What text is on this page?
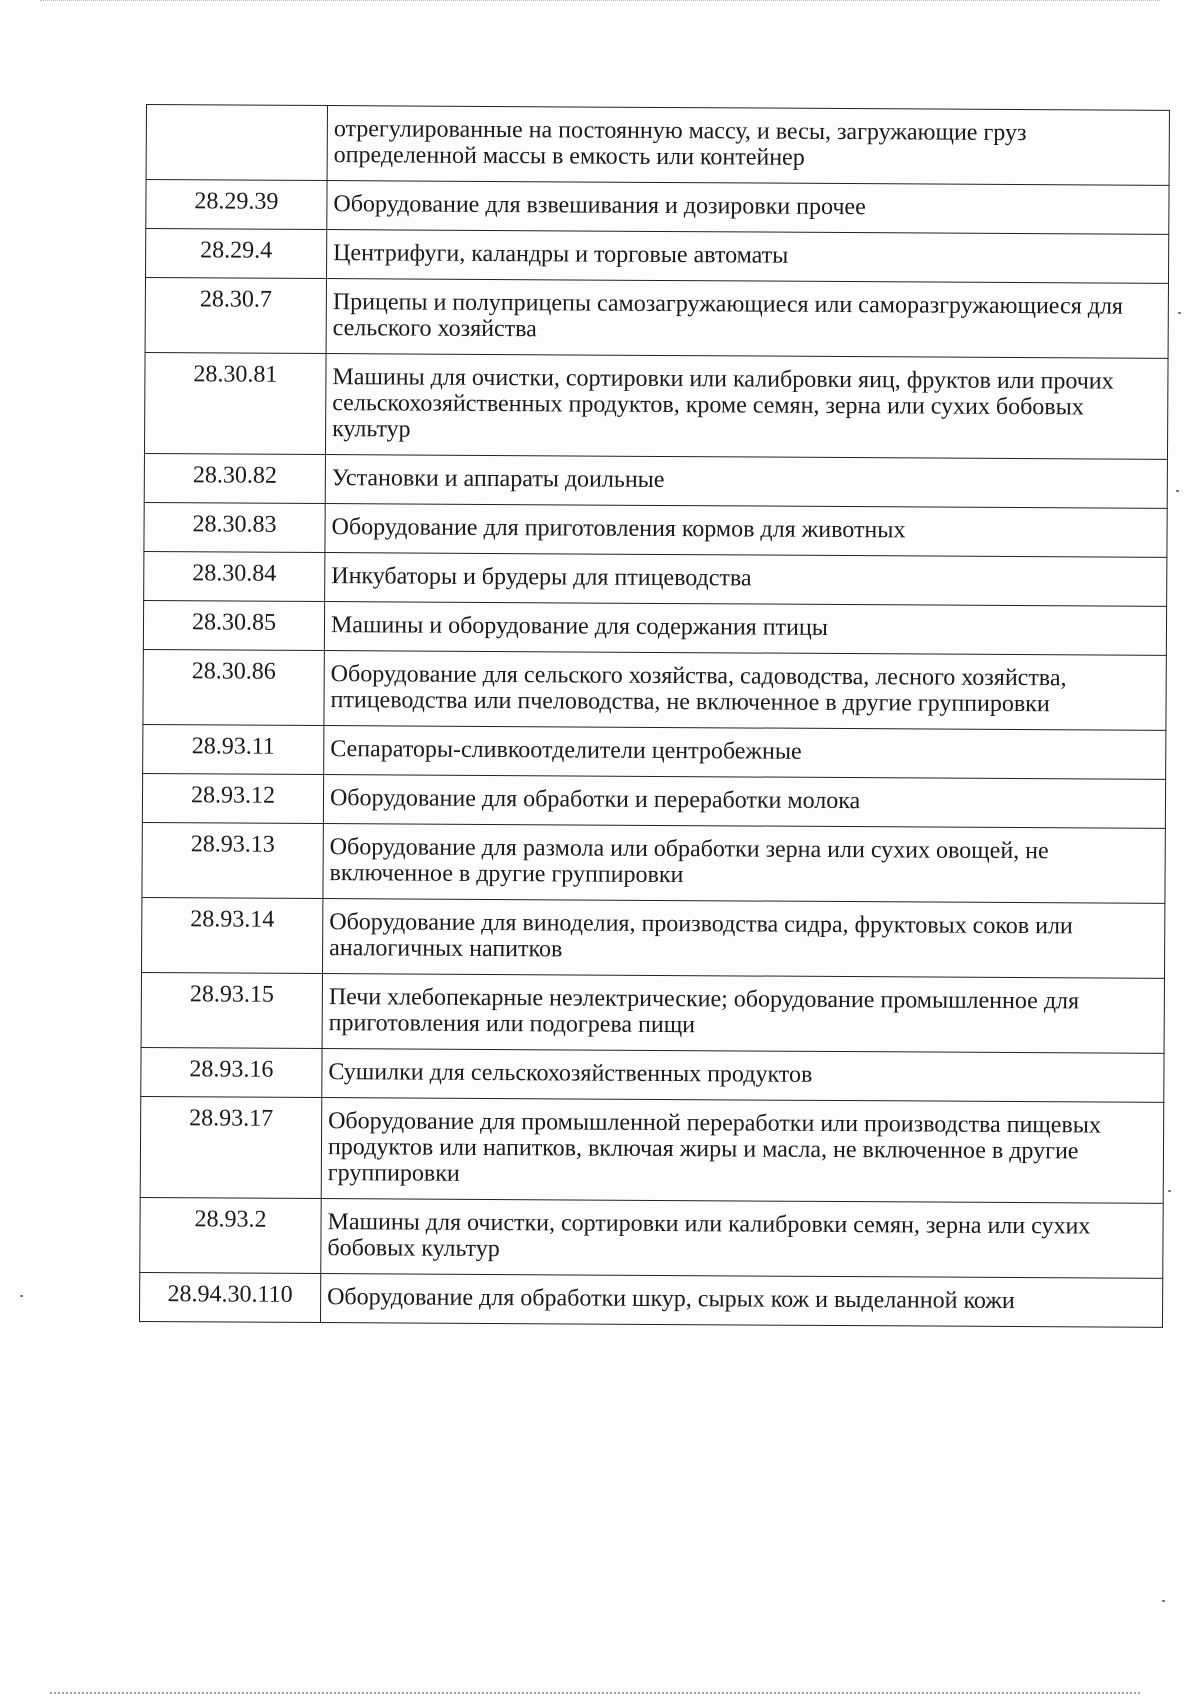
	отрегулированные на постоянную массу, и весы, загружающие груз определенной массы в емкость или контейнер
28.29.39	Оборудование для взвешивания и дозировки прочее
28.29.4	Центрифуги, каландры и торговые автоматы
28.30.7	Прицепы и полуприцепы самозагружающиеся или саморазгружающиеся для сельского хозяйства
28.30.81	Машины для очистки, сортировки или калибровки яиц, фруктов или прочих сельскохозяйственных продуктов, кроме семян, зерна или сухих бобовых культур
28.30.82	Установки и аппараты доильные
28.30.83	Оборудование для приготовления кормов для животных
28.30.84	Инкубаторы и брудеры для птицеводства
28.30.85	Машины и оборудование для содержания птицы
28.30.86	Оборудование для сельского хозяйства, садоводства, лесного хозяйства, птицеводства или пчеловодства, не включенное в другие группировки
28.93.11	Сепараторы-сливкоотделители центробежные
28.93.12	Оборудование для обработки и переработки молока
28.93.13	Оборудование для размола или обработки зерна или сухих овощей, не включенное в другие группировки
28.93.14	Оборудование для виноделия, производства сидра, фруктовых соков или аналогичных напитков
28.93.15	Печи хлебопекарные неэлектрические; оборудование промышленное для приготовления или подогрева пищи
28.93.16	Сушилки для сельскохозяйственных продуктов
28.93.17	Оборудование для промышленной переработки или производства пищевых продуктов или напитков, включая жиры и масла, не включенное в другие группировки
28.93.2	Машины для очистки, сортировки или калибровки семян, зерна или сухих бобовых культур
28.94.30.110	Оборудование для обработки шкур, сырых кож и выделанной кожи
